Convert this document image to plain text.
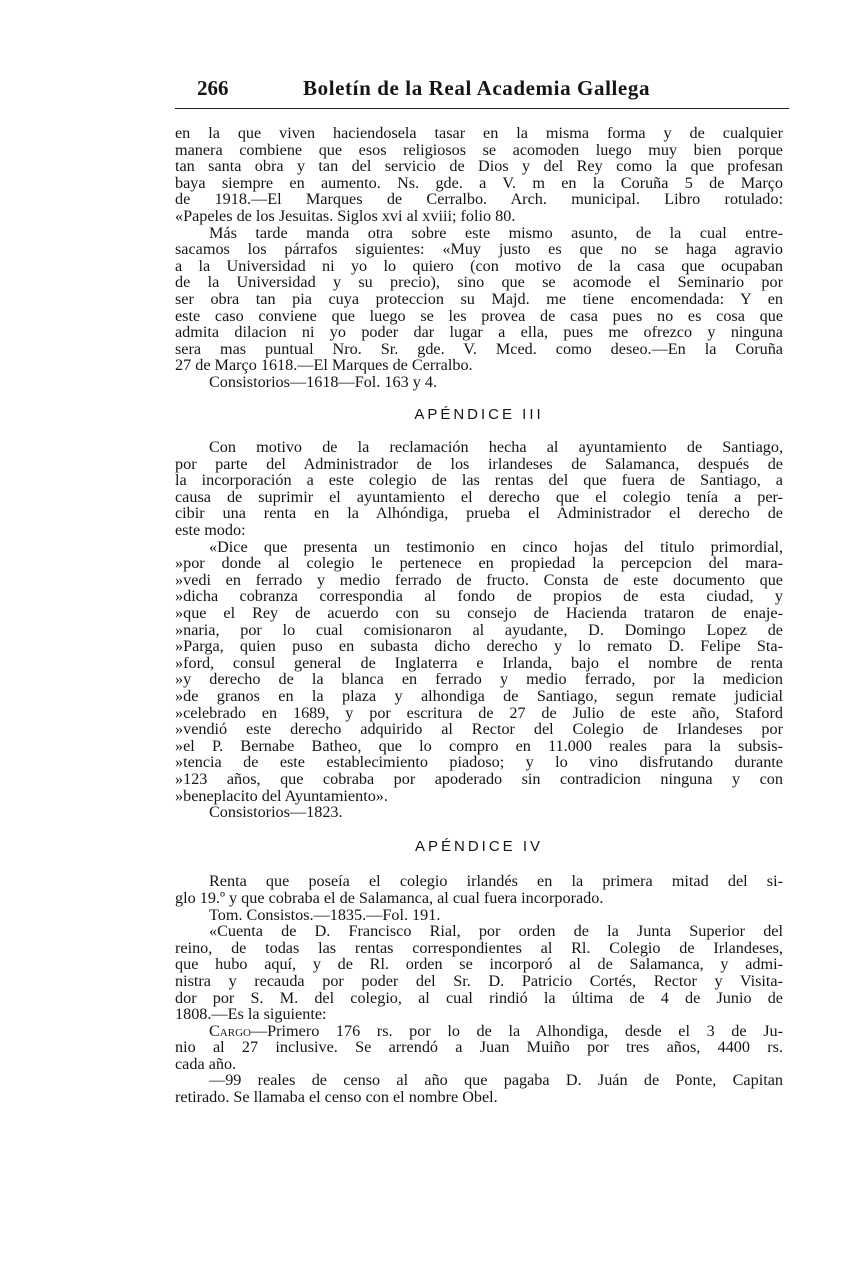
266	Boletín de la Real Academia Gallega
en la que viven haciendosela tasar en la misma forma y de cualquier
manera combiene que esos religiosos se acomoden luego muy bien porque
tan santa obra y tan del servicio de Dios y del Rey como la que profesan
baya siempre en aumento. Ns. gde. a V. m en la Coruña 5 de Março
de 1918.—El Marques de Cerralbo. Arch. municipal. Libro rotulado:
«Papeles de los Jesuitas. Siglos xvi al xviii; folio 80.
Más tarde manda otra sobre este mismo asunto, de la cual entre-
sacamos los párrafos siguientes: «Muy justo es que no se haga agravio
a la Universidad ni yo lo quiero (con motivo de la casa que ocupaban
de la Universidad y su precio), sino que se acomode el Seminario por
ser obra tan pia cuya proteccion su Majd. me tiene encomendada: Y en
este caso conviene que luego se les provea de casa pues no es cosa que
admita dilacion ni yo poder dar lugar a ella, pues me ofrezco y ninguna
sera mas puntual Nro. Sr. gde. V. Mced. como deseo.—En la Coruña
27 de Março 1618.—El Marques de Cerralbo.
Consistorios—1618—Fol. 163 y 4.
APÉNDICE III
Con motivo de la reclamación hecha al ayuntamiento de Santiago,
por parte del Administrador de los irlandeses de Salamanca, después de
la incorporación a este colegio de las rentas del que fuera de Santiago, a
causa de suprimir el ayuntamiento el derecho que el colegio tenía a per-
cibir una renta en la Alhóndiga, prueba el Administrador el derecho de
este modo:
«Dice que presenta un testimonio en cinco hojas del titulo primordial,
»por donde al colegio le pertenece en propiedad la percepcion del mara-
»vedi en ferrado y medio ferrado de fructo. Consta de este documento que
»dicha cobranza correspondia al fondo de propios de esta ciudad, y
»que el Rey de acuerdo con su consejo de Hacienda trataron de enaje-
»naria, por lo cual comisionaron al ayudante, D. Domingo Lopez de
»Parga, quien puso en subasta dicho derecho y lo remato D. Felipe Sta-
»ford, consul general de Inglaterra e Irlanda, bajo el nombre de renta
»y derecho de la blanca en ferrado y medio ferrado, por la medicion
»de granos en la plaza y alhondiga de Santiago, segun remate judicial
»celebrado en 1689, y por escritura de 27 de Julio de este año, Staford
»vendió este derecho adquirido al Rector del Colegio de Irlandeses por
»el P. Bernabe Batheo, que lo compro en 11.000 reales para la subsis-
»tencia de este establecimiento piadoso; y lo vino disfrutando durante
»123 años, que cobraba por apoderado sin contradicion ninguna y con
»beneplacito del Ayuntamiento».
Consistorios—1823.
APÉNDICE IV
Renta que poseía el colegio irlandés en la primera mitad del si-
glo 19.º y que cobraba el de Salamanca, al cual fuera incorporado.
Tom. Consistos.—1835.—Fol. 191.
«Cuenta de D. Francisco Rial, por orden de la Junta Superior del
reino, de todas las rentas correspondientes al Rl. Colegio de Irlandeses,
que hubo aquí, y de Rl. orden se incorporó al de Salamanca, y admi-
nistra y recauda por poder del Sr. D. Patricio Cortés, Rector y Visita-
dor por S. M. del colegio, al cual rindió la última de 4 de Junio de
1808.—Es la siguiente:
Cargo—Primero 176 rs. por lo de la Alhondiga, desde el 3 de Ju-
nio al 27 inclusive. Se arrendó a Juan Muiño por tres años, 4400 rs.
cada año.
—99 reales de censo al año que pagaba D. Juán de Ponte, Capitan
retirado. Se llamaba el censo con el nombre Obel.
